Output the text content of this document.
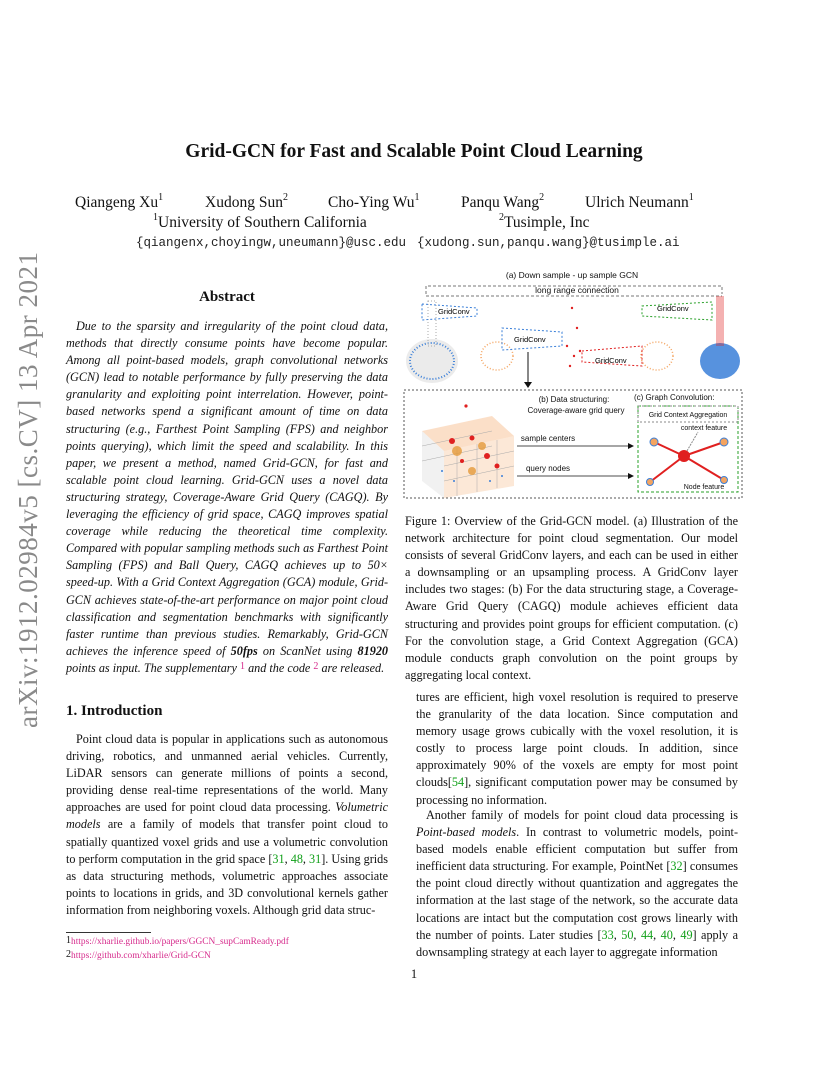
arXiv:1912.02984v5 [cs.CV] 13 Apr 2021
Grid-GCN for Fast and Scalable Point Cloud Learning
Qiangeng Xu$^1$	Xudong Sun$^2$	Cho-Ying Wu$^1$	Panqu Wang$^2$	Ulrich Neumann$^1$
$^1$University of Southern California	$^2$Tusimple, Inc
{qiangenx,choyingw,uneumann}@usc.edu {xudong.sun,panqu.wang}@tusimple.ai
Abstract
Due to the sparsity and irregularity of the point cloud data, methods that directly consume points have become popular. Among all point-based models, graph convolutional networks (GCN) lead to notable performance by fully preserving the data granularity and exploiting point interrelation. However, point-based networks spend a significant amount of time on data structuring (e.g., Farthest Point Sampling (FPS) and neighbor points querying), which limit the speed and scalability. In this paper, we present a method, named Grid-GCN, for fast and scalable point cloud learning. Grid-GCN uses a novel data structuring strategy, Coverage-Aware Grid Query (CAGQ). By leveraging the efficiency of grid space, CAGQ improves spatial coverage while reducing the theoretical time complexity. Compared with popular sampling methods such as Farthest Point Sampling (FPS) and Ball Query, CAGQ achieves up to 50× speed-up. With a Grid Context Aggregation (GCA) module, Grid-GCN achieves state-of-the-art performance on major point cloud classification and segmentation benchmarks with significantly faster runtime than previous studies. Remarkably, Grid-GCN achieves the inference speed of 50fps on ScanNet using 81920 points as input. The supplementary $^1$ and the code $^2$ are released.
1. Introduction
Point cloud data is popular in applications such as autonomous driving, robotics, and unmanned aerial vehicles. Currently, LiDAR sensors can generate millions of points a second, providing dense real-time representations of the world. Many approaches are used for point cloud data processing. Volumetric models are a family of models that transfer point cloud to spatially quantized voxel grids and use a volumetric convolution to perform computation in the grid space [31, 48, 31]. Using grids as data structuring methods, volumetric approaches associate points to locations in grids, and 3D convolutional kernels gather information from neighboring voxels. Although grid data struc-
$^1$https://xharlie.github.io/papers/GGCN_supCamReady.pdf
$^2$https://github.com/xharlie/Grid-GCN
(a) Down sample - up sample GCN
long range connection
GridConv
GridConv
GridConv
GridConv
(b) Data structuring:
Coverage-aware grid query
(c) Graph Convolution:
sample centers
query nodes
Grid Context Aggregation
context feature
Node feature
Figure 1: Overview of the Grid-GCN model. (a) Illustration of the network architecture for point cloud segmentation. Our model consists of several GridConv layers, and each can be used in either a downsampling or an upsampling process. A GridConv layer includes two stages: (b) For the data structuring stage, a Coverage-Aware Grid Query (CAGQ) module achieves efficient data structuring and provides point groups for efficient computation. (c) For the convolution stage, a Grid Context Aggregation (GCA) module conducts graph convolution on the point groups by aggregating local context.
tures are efficient, high voxel resolution is required to preserve the granularity of the data location. Since computation and memory usage grows cubically with the voxel resolution, it is costly to process large point clouds. In addition, since approximately 90% of the voxels are empty for most point clouds[54], significant computation power may be consumed by processing no information.
Another family of models for point cloud data processing is Point-based models. In contrast to volumetric models, point-based models enable efficient computation but suffer from inefficient data structuring. For example, PointNet [32] consumes the point cloud directly without quantization and aggregates the information at the last stage of the network, so the accurate data locations are intact but the computation cost grows linearly with the number of points. Later studies [33, 50, 44, 40, 49] apply a downsampling strategy at each layer to aggregate information
1
